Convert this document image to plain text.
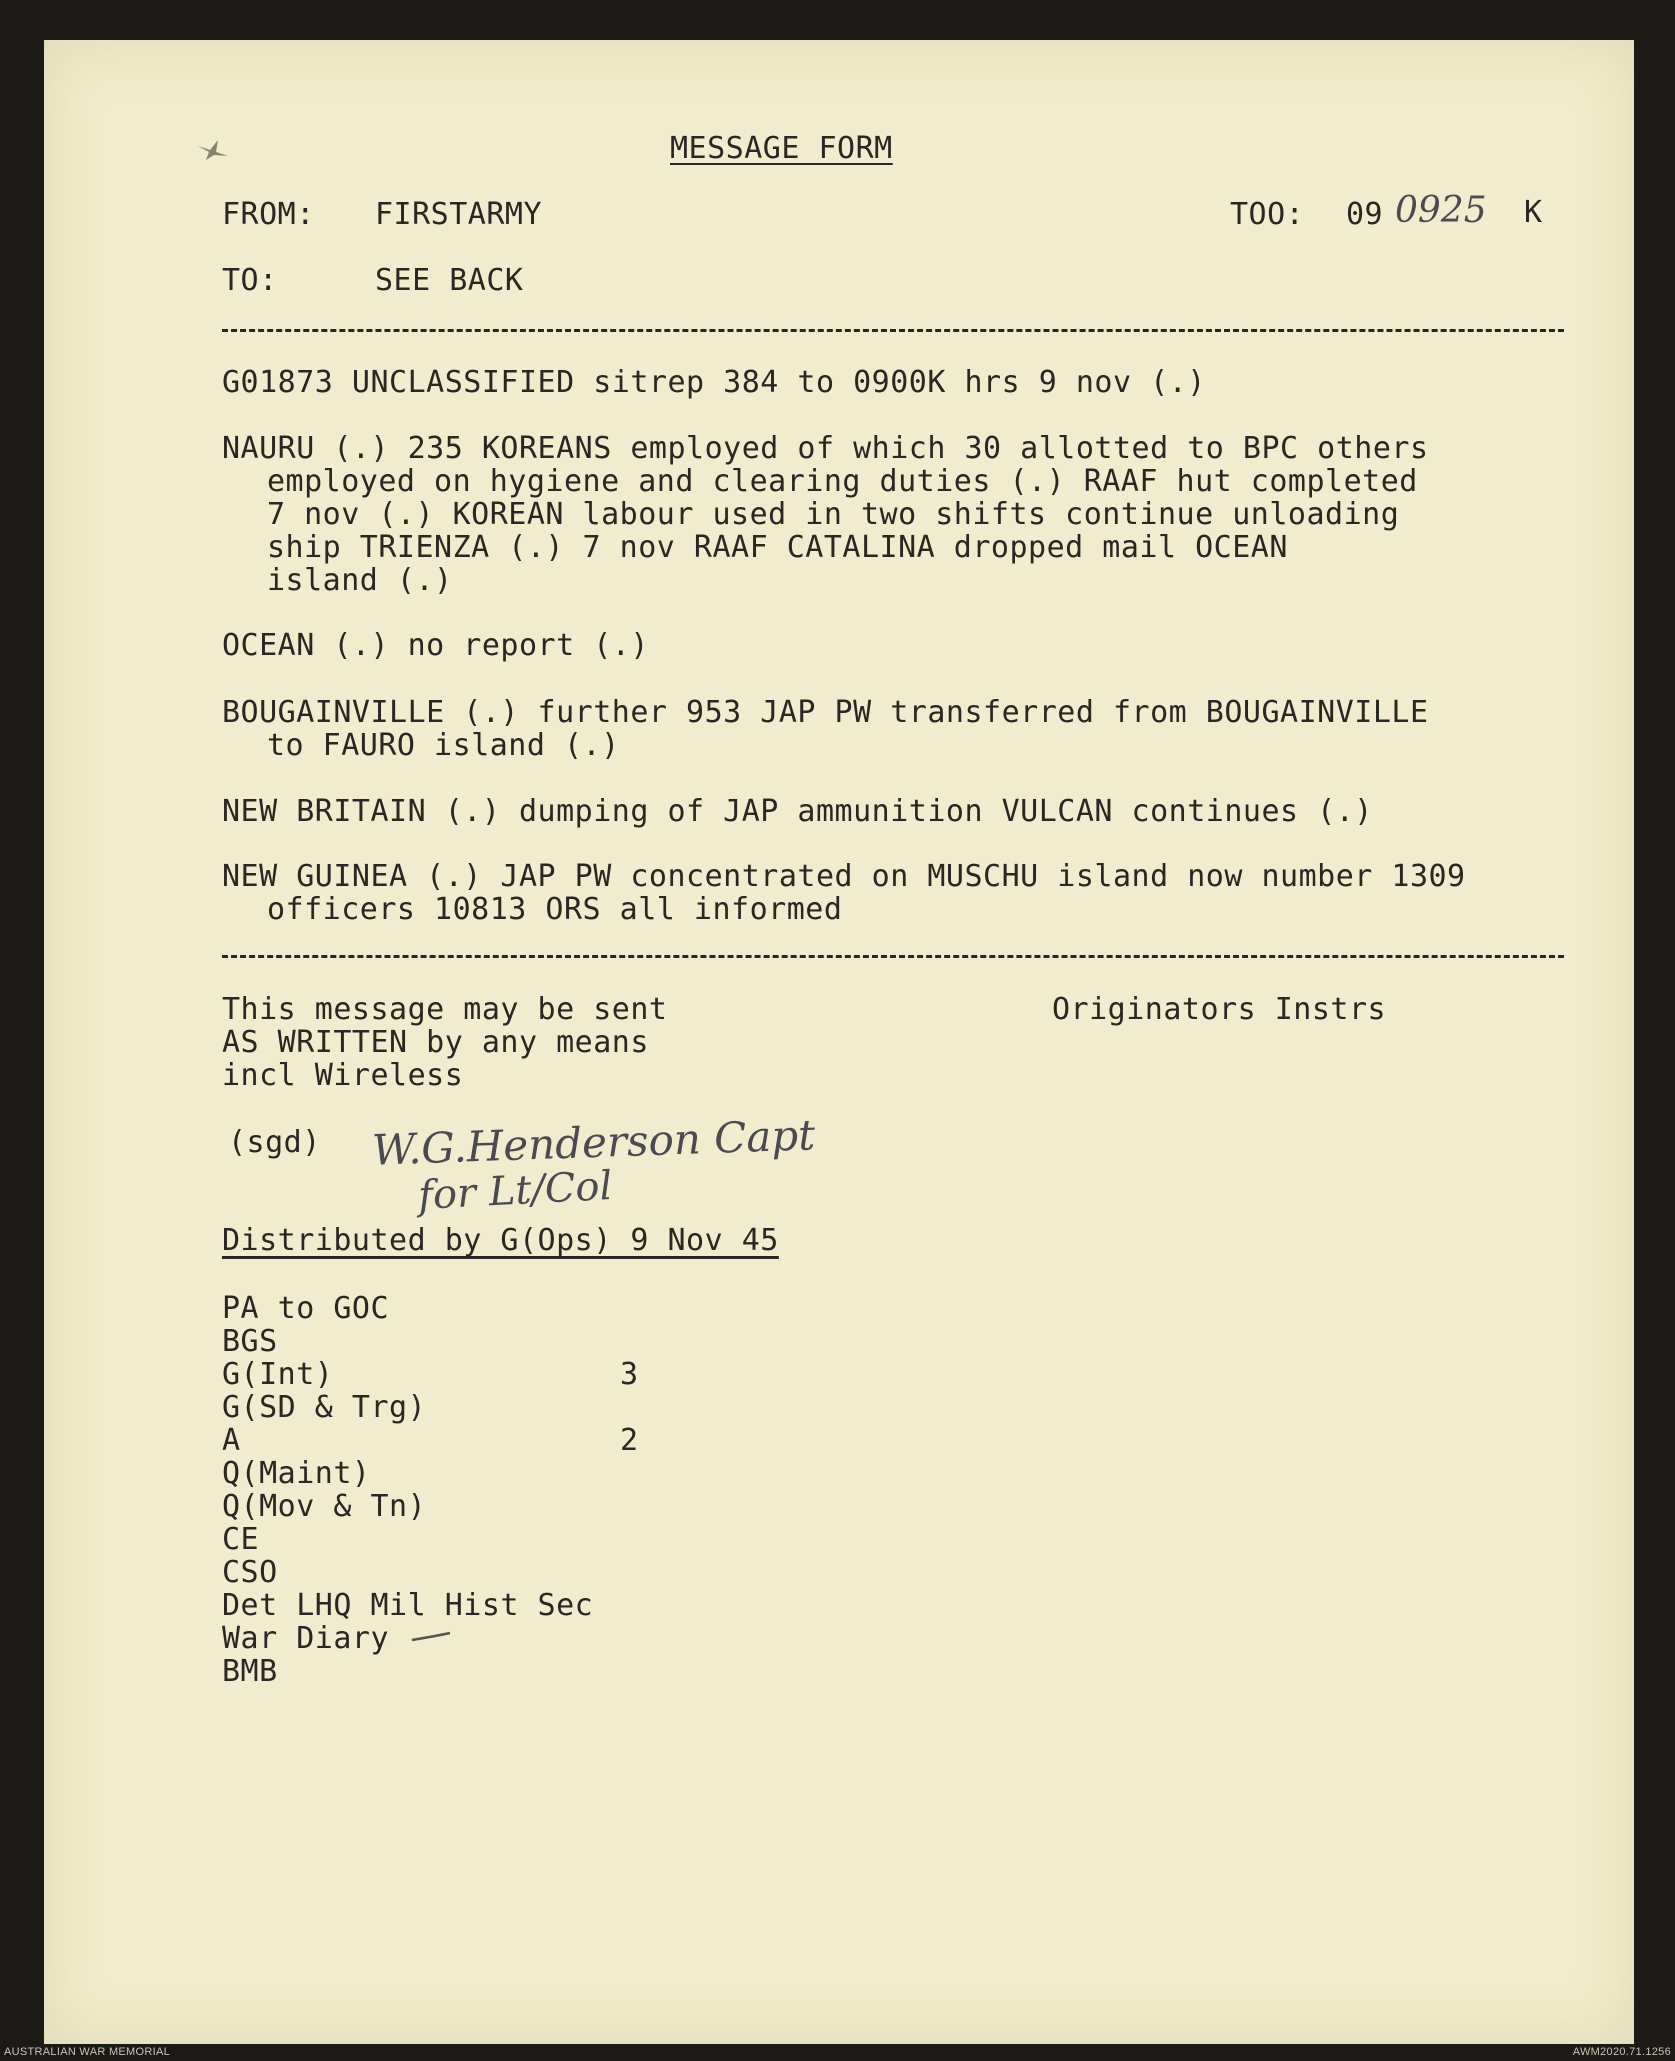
MESSAGE FORM
FROM: FIRSTARMY	TOO: 09 0925 K
TO:	SEE BACK
G01873 UNCLASSIFIED sitrep 384 to 0900K hrs 9 nov (.)
NAURU (.) 235 KOREANS employed of which 30 allotted to BPC others
employed on hygiene and clearing duties (.) RAAF hut completed
7 nov (.) KOREAN labour used in two shifts continue unloading
ship TRIENZA (.) 7 nov RAAF CATALINA dropped mail OCEAN
island (.)
OCEAN (.) no report (.)
BOUGAINVILLE (.) further 953 JAP PW transferred from BOUGAINVILLE
to FAURO island (.)
NEW BRITAIN (.) dumping of JAP ammunition VULCAN continues (.)
NEW GUINEA (.) JAP PW concentrated on MUSCHU island now number 1309
officers 10813 ORS all informed
This message may be sent
AS WRITTEN by any means
incl Wireless
Originators Instrs
(sgd) W.G.Henderson Capt
for Lt/Col
Distributed by G(Ops) 9 Nov 45
PA to GOC
BGS
G(Int)	3
G(SD & Trg)
A	2
Q(Maint)
Q(Mov & Tn)
CE
CSO
Det LHQ Mil Hist Sec
War Diary
BMB
AUSTRALIAN WAR MEMORIAL	AWM2020.71.1256
